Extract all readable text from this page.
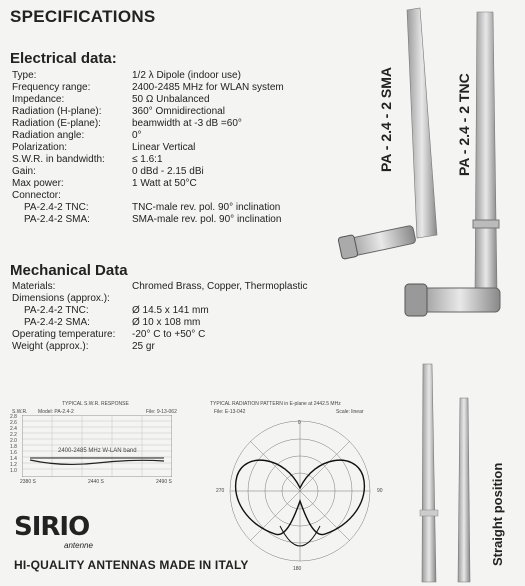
SPECIFICATIONS
Electrical data:
Type:	1/2 λ Dipole (indoor use)
Frequency range:	2400-2485 MHz for WLAN system
Impedance:	50 Ω Unbalanced
Radiation (H-plane):	360° Omnidirectional
Radiation (E-plane):	beamwidth at -3 dB =60°
Radiation angle:	0°
Polarization:	Linear Vertical
S.W.R. in bandwidth:	≤ 1.6:1
Gain:	0 dBd - 2.15 dBi
Max power:	1 Watt at 50°C
Connector:
PA-2.4-2 TNC:	TNC-male rev. pol. 90° inclination
PA-2.4-2 SMA:	SMA-male rev. pol. 90° inclination
Mechanical Data
Materials:	Chromed Brass, Copper, Thermoplastic
Dimensions (approx.):
PA-2.4-2 TNC:	Ø 14.5 x 141 mm
PA-2.4-2 SMA:	Ø 10 x 108 mm
Operating temperature: -20° C to +50° C
Weight (approx.):	25 gr
PA - 2.4 - 2 SMA	PA - 2.4 - 2 TNC
Straight position
TYPICAL S.W.R. RESPONSE
S.W.R. Model: PA-2.4-2	File: 9-13-062
2400-2485 MHz W-LAN band
2380 S	2440 S	2490 S
2.8
2.6
2.4
2.2
2.0
1.8
1.6
1.4
1.2
1.0
TYPICAL RADIATION PATTERN in E-plane at 2442.5 MHz
File: E-13-042	Scale: linear
0
180
270	90
SIRIO
antenne
HI-QUALITY ANTENNAS MADE IN ITALY
